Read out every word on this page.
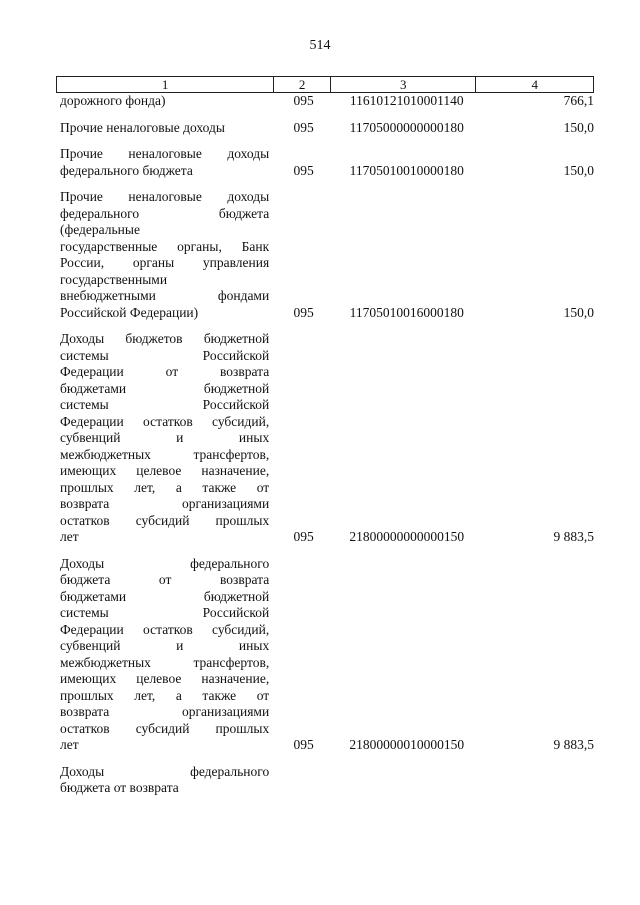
514
1	2	3	4
дорожного фонда)	095	11610121010001140	766,1
Прочие неналоговые доходы	095	11705000000000180	150,0
Прочие неналоговые доходы
федерального бюджета	095	11705010010000180	150,0
Прочие неналоговые доходы
федерального бюджета
(федеральные
государственные органы, Банк
России, органы управления
государственными
внебюджетными фондами
Российской Федерации)	095	11705010016000180	150,0
Доходы бюджетов бюджетной
системы Российской
Федерации от возврата
бюджетами бюджетной
системы Российской
Федерации остатков субсидий,
субвенций и иных
межбюджетных трансфертов,
имеющих целевое назначение,
прошлых лет, а также от
возврата организациями
остатков субсидий прошлых
лет	095	21800000000000150	9 883,5
Доходы федерального
бюджета от возврата
бюджетами бюджетной
системы Российской
Федерации остатков субсидий,
субвенций и иных
межбюджетных трансфертов,
имеющих целевое назначение,
прошлых лет, а также от
возврата организациями
остатков субсидий прошлых
лет	095	21800000010000150	9 883,5
Доходы федерального
бюджета от возврата
